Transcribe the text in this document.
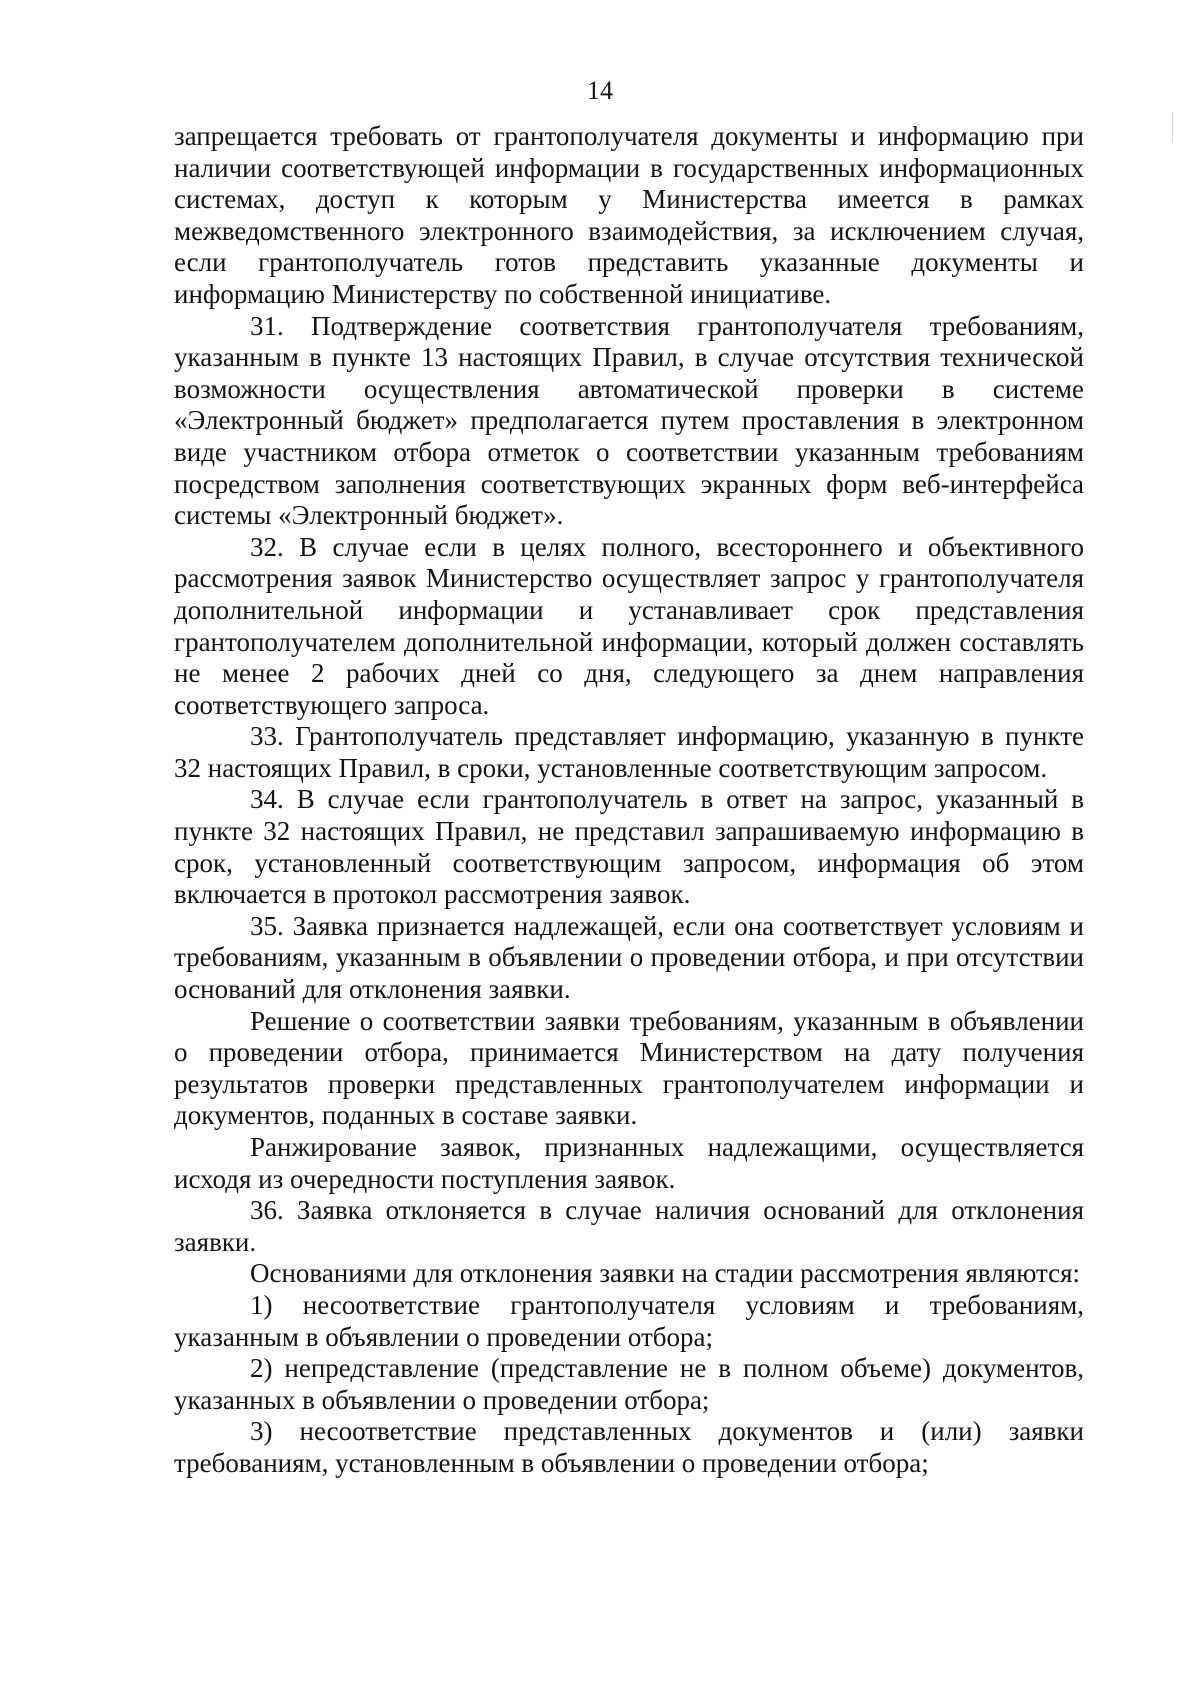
14

запрещается требовать от грантополучателя документы и информацию при наличии соответствующей информации в государственных информационных системах, доступ к которым у Министерства имеется в рамках межведомственного электронного взаимодействия, за исключением случая, если грантополучатель готов представить указанные документы и информацию Министерству по собственной инициативе.

31. Подтверждение соответствия грантополучателя требованиям, указанным в пункте 13 настоящих Правил, в случае отсутствия технической возможности осуществления автоматической проверки в системе «Электронный бюджет» предполагается путем проставления в электронном виде участником отбора отметок о соответствии указанным требованиям посредством заполнения соответствующих экранных форм веб-интерфейса системы «Электронный бюджет».

32. В случае если в целях полного, всестороннего и объективного рассмотрения заявок Министерство осуществляет запрос у грантополучателя дополнительной информации и устанавливает срок представления грантополучателем дополнительной информации, который должен составлять не менее 2 рабочих дней со дня, следующего за днем направления соответствующего запроса.

33. Грантополучатель представляет информацию, указанную в пункте 32 настоящих Правил, в сроки, установленные соответствующим запросом.

34. В случае если грантополучатель в ответ на запрос, указанный в пункте 32 настоящих Правил, не представил запрашиваемую информацию в срок, установленный соответствующим запросом, информация об этом включается в протокол рассмотрения заявок.

35. Заявка признается надлежащей, если она соответствует условиям и требованиям, указанным в объявлении о проведении отбора, и при отсутствии оснований для отклонения заявки.

Решение о соответствии заявки требованиям, указанным в объявлении о проведении отбора, принимается Министерством на дату получения результатов проверки представленных грантополучателем информации и документов, поданных в составе заявки.

Ранжирование заявок, признанных надлежащими, осуществляется исходя из очередности поступления заявок.

36. Заявка отклоняется в случае наличия оснований для отклонения заявки.

Основаниями для отклонения заявки на стадии рассмотрения являются:

1) несоответствие грантополучателя условиям и требованиям, указанным в объявлении о проведении отбора;

2) непредставление (представление не в полном объеме) документов, указанных в объявлении о проведении отбора;

3) несоответствие представленных документов и (или) заявки требованиям, установленным в объявлении о проведении отбора;
